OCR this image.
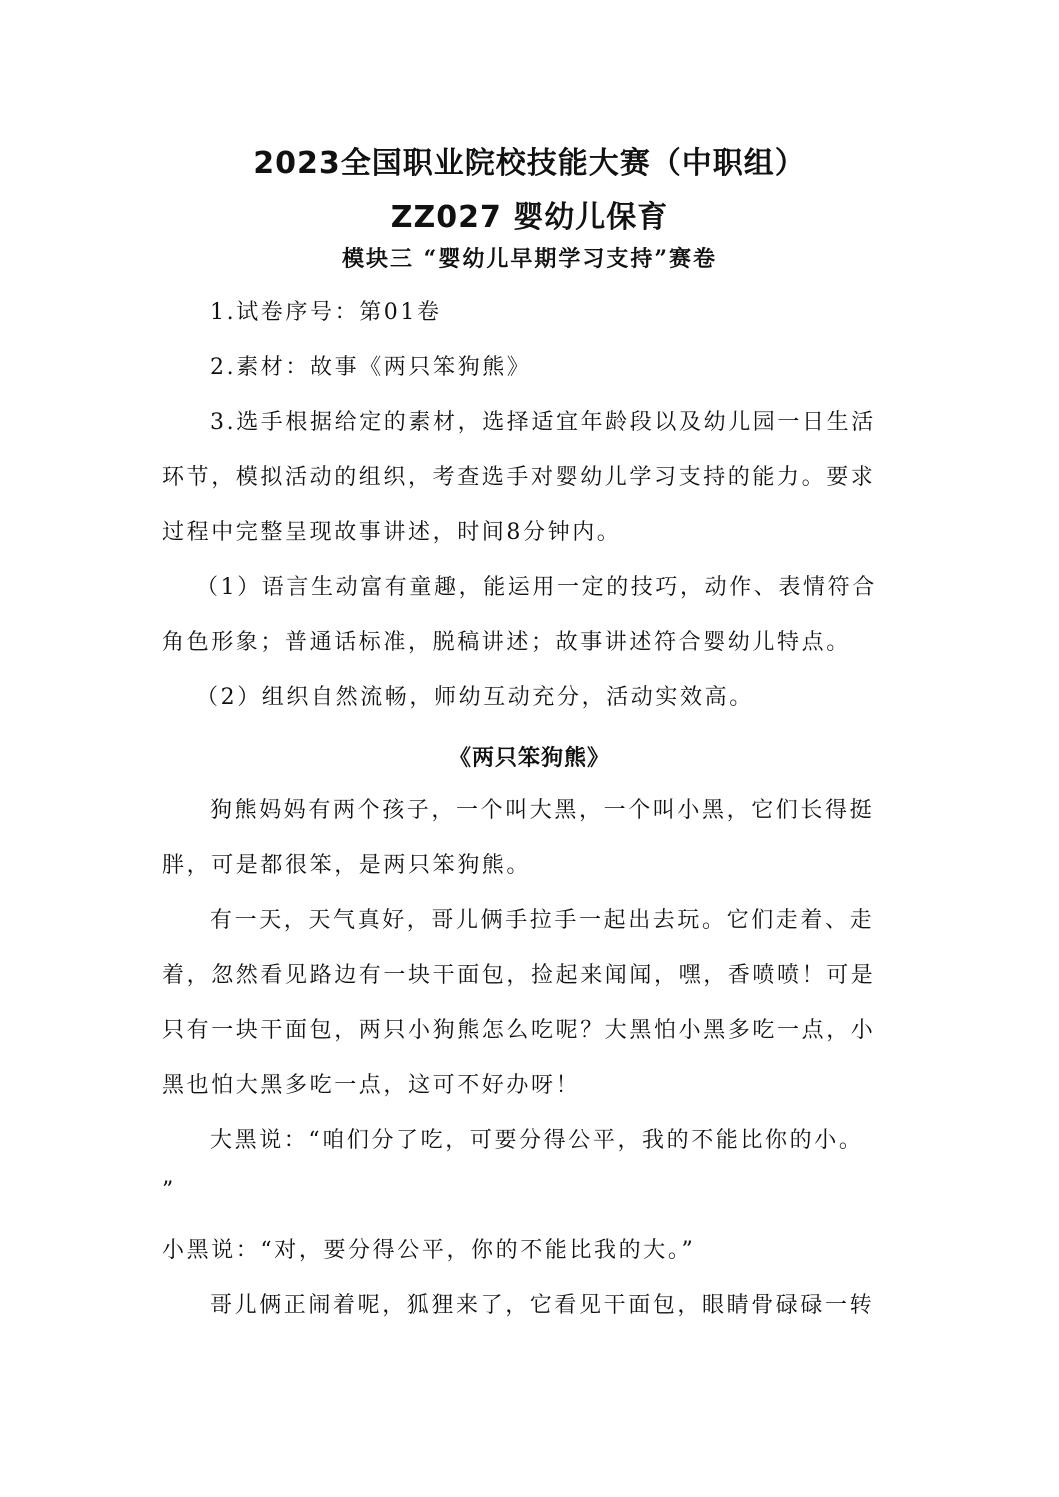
2023全国职业院校技能大赛（中职组）
ZZ027 婴幼儿保育
模块三 “婴幼儿早期学习支持”赛卷
1.试卷序号：第01卷
2.素材：故事《两只笨狗熊》
3.选手根据给定的素材，选择适宜年龄段以及幼儿园一日生活
环节，模拟活动的组织，考查选手对婴幼儿学习支持的能力。要求
过程中完整呈现故事讲述，时间8分钟内。
（1）语言生动富有童趣，能运用一定的技巧，动作、表情符合
角色形象；普通话标准，脱稿讲述；故事讲述符合婴幼儿特点。
（2）组织自然流畅，师幼互动充分，活动实效高。
《两只笨狗熊》
狗熊妈妈有两个孩子，一个叫大黑，一个叫小黑，它们长得挺
胖，可是都很笨，是两只笨狗熊。
有一天，天气真好，哥儿俩手拉手一起出去玩。它们走着、走
着，忽然看见路边有一块干面包，捡起来闻闻，嘿，香喷喷！可是
只有一块干面包，两只小狗熊怎么吃呢？大黑怕小黑多吃一点，小
黑也怕大黑多吃一点，这可不好办呀！
大黑说：“咱们分了吃，可要分得公平，我的不能比你的小。
”
小黑说：“对，要分得公平，你的不能比我的大。”
哥儿俩正闹着呢，狐狸来了，它看见干面包，眼睛骨碌碌一转
